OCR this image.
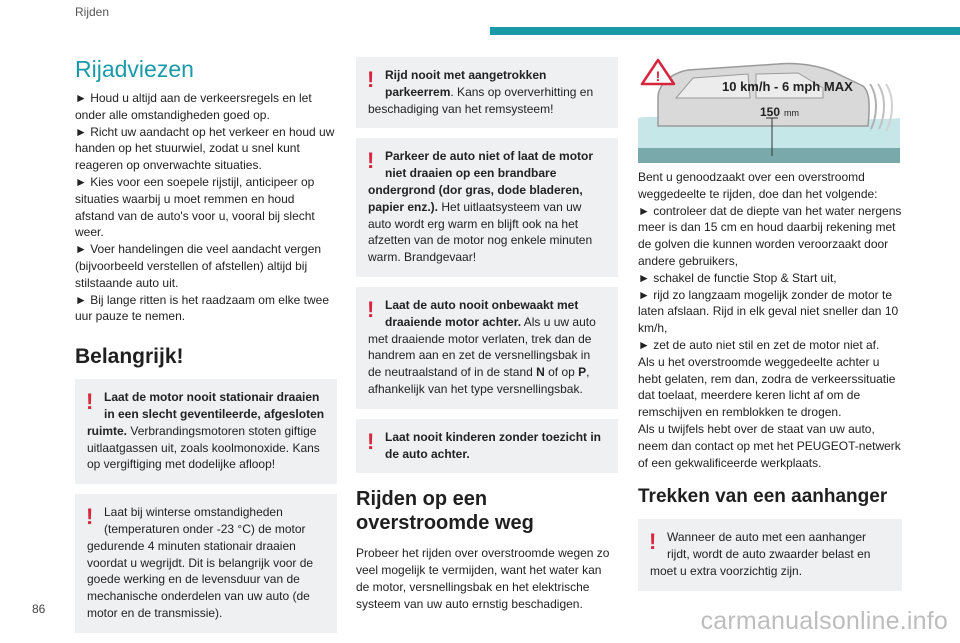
Rijden
Rijadviezen

► Houd u altijd aan de verkeersregels en let onder alle omstandigheden goed op.

► Richt uw aandacht op het verkeer en houd uw handen op het stuurwiel, zodat u snel kunt reageren op onverwachte situaties.

► Kies voor een soepele rijstijl, anticipeer op situaties waarbij u moet remmen en houd afstand van de auto's voor u, vooral bij slecht weer.

► Voer handelingen die veel aandacht vergen (bijvoorbeeld verstellen of afstellen) altijd bij stilstaande auto uit.

► Bij lange ritten is het raadzaam om elke twee uur pauze te nemen.

Belangrijk!
! Laat de motor nooit stationair draaien in een slecht geventileerde, afgesloten ruimte. Verbrandingsmotoren stoten giftige uitlaatgassen uit, zoals koolmonoxide. Kans op vergiftiging met dodelijke afloop!
! Laat bij winterse omstandigheden (temperaturen onder -23 °C) de motor gedurende 4 minuten stationair draaien voordat u wegrijdt. Dit is belangrijk voor de goede werking en de levensduur van de mechanische onderdelen van uw auto (de motor en de transmissie).
! Rijd nooit met aangetrokken parkeerrem. Kans op oververhitting en beschadiging van het remsysteem!
! Parkeer de auto niet of laat de motor niet draaien op een brandbare ondergrond (dor gras, dode bladeren, papier enz.). Het uitlaatsysteem van uw auto wordt erg warm en blijft ook na het afzetten van de motor nog enkele minuten warm. Brandgevaar!
! Laat de auto nooit onbewaakt met draaiende motor achter. Als u uw auto met draaiende motor verlaten, trek dan de handrem aan en zet de versnellingsbak in de neutraalstand of in de stand N of op P, afhankelijk van het type versnellingsbak.
! Laat nooit kinderen zonder toezicht in de auto achter.
Rijden op een overstroomde weg
Probeer het rijden over overstroomde wegen zo veel mogelijk te vermijden, want het water kan de motor, versnellingsbak en het elektrische systeem van uw auto ernstig beschadigen.
!
10 km/h - 6 mph MAX
150 mm

Bent u genoodzaakt over een overstroomd weggedeelte te rijden, doe dan het volgende:

► controleer dat de diepte van het water nergens meer is dan 15 cm en houd daarbij rekening met de golven die kunnen worden veroorzaakt door andere gebruikers,

► schakel de functie Stop & Start uit,

► rijd zo langzaam mogelijk zonder de motor te laten afslaan. Rijd in elk geval niet sneller dan 10 km/h,

► zet de auto niet stil en zet de motor niet af.

Als u het overstroomde weggedeelte achter u hebt gelaten, rem dan, zodra de verkeerssituatie dat toelaat, meerdere keren licht af om de remschijven en remblokken te drogen.

Als u twijfels hebt over de staat van uw auto, neem dan contact op met het PEUGEOT-netwerk of een gekwalificeerde werkplaats.

Trekken van een aanhanger
! Wanneer de auto met een aanhanger rijdt, wordt de auto zwaarder belast en moet u extra voorzichtig zijn.
86	carmanualsonline.info
